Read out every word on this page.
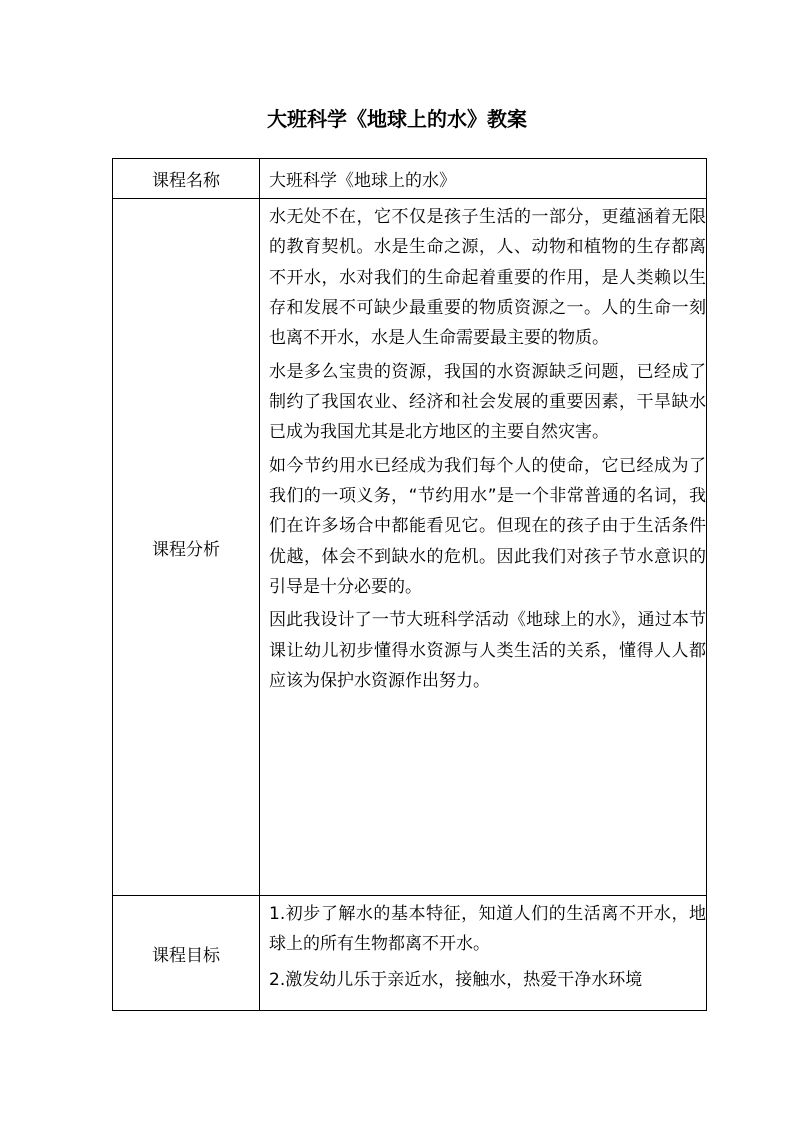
大班科学《地球上的水》教案
课程名称	大班科学《地球上的水》
课程分析	水无处不在，它不仅是孩子生活的一部分，更蕴涵着无限的教育契机。水是生命之源，人、动物和植物的生存都离不开水，水对我们的生命起着重要的作用，是人类赖以生存和发展不可缺少最重要的物质资源之一。人的生命一刻也离不开水，水是人生命需要最主要的物质。
水是多么宝贵的资源，我国的水资源缺乏问题，已经成了制约了我国农业、经济和社会发展的重要因素，干旱缺水已成为我国尤其是北方地区的主要自然灾害。
如今节约用水已经成为我们每个人的使命，它已经成为了我们的一项义务，“节约用水”是一个非常普通的名词，我们在许多场合中都能看见它。但现在的孩子由于生活条件优越，体会不到缺水的危机。因此我们对孩子节水意识的引导是十分必要的。
因此我设计了一节大班科学活动《地球上的水》，通过本节课让幼儿初步懂得水资源与人类生活的关系，懂得人人都应该为保护水资源作出努力。

课程目标	1.初步了解水的基本特征，知道人们的生活离不开水，地球上的所有生物都离不开水。
2.激发幼儿乐于亲近水，接触水，热爱干净水环境
